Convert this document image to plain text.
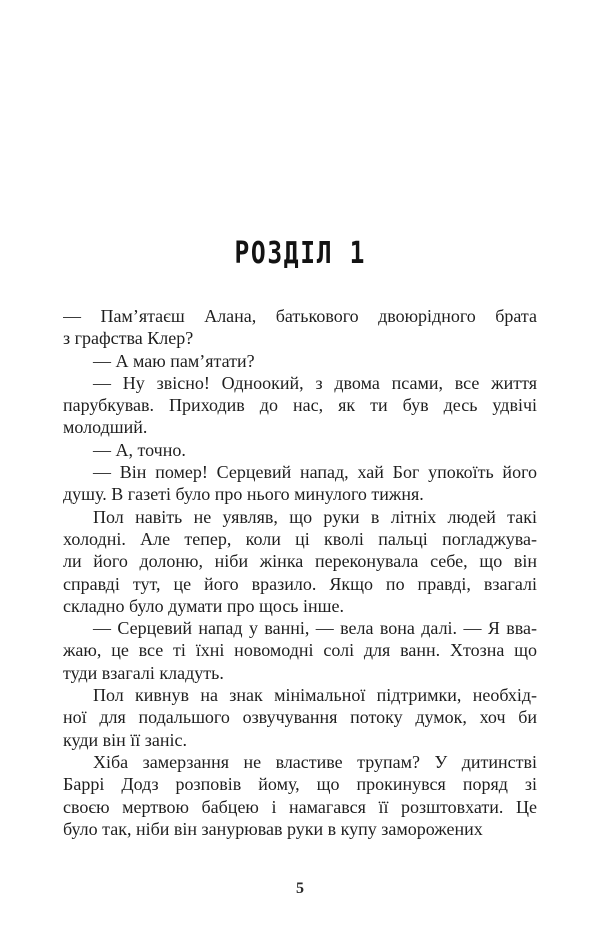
РОЗДІЛ 1
— Пам’ятаєш Алана, батькового двоюрідного брата
з графства Клер?
— А маю пам’ятати?
— Ну звісно! Одноокий, з двома псами, все життя
парубкував. Приходив до нас, як ти був десь удвічі
молодший.
— А, точно.
— Він помер! Серцевий напад, хай Бог упокоїть його
душу. В газеті було про нього минулого тижня.
Пол навіть не уявляв, що руки в літніх людей такі
холодні. Але тепер, коли ці кволі пальці погладжува-
ли його долоню, ніби жінка переконувала себе, що він
справді тут, це його вразило. Якщо по правді, взагалі
складно було думати про щось інше.
— Серцевий напад у ванні, — вела вона далі. — Я вва-
жаю, це все ті їхні новомодні солі для ванн. Хтозна що
туди взагалі кладуть.
Пол кивнув на знак мінімальної підтримки, необхід-
ної для подальшого озвучування потоку думок, хоч би
куди він її заніс.
Хіба замерзання не властиве трупам? У дитинстві
Баррі Додз розповів йому, що прокинувся поряд зі
своєю мертвою бабцею і намагався її розштовхати. Це
було так, ніби він занурював руки в купу заморожених
5
